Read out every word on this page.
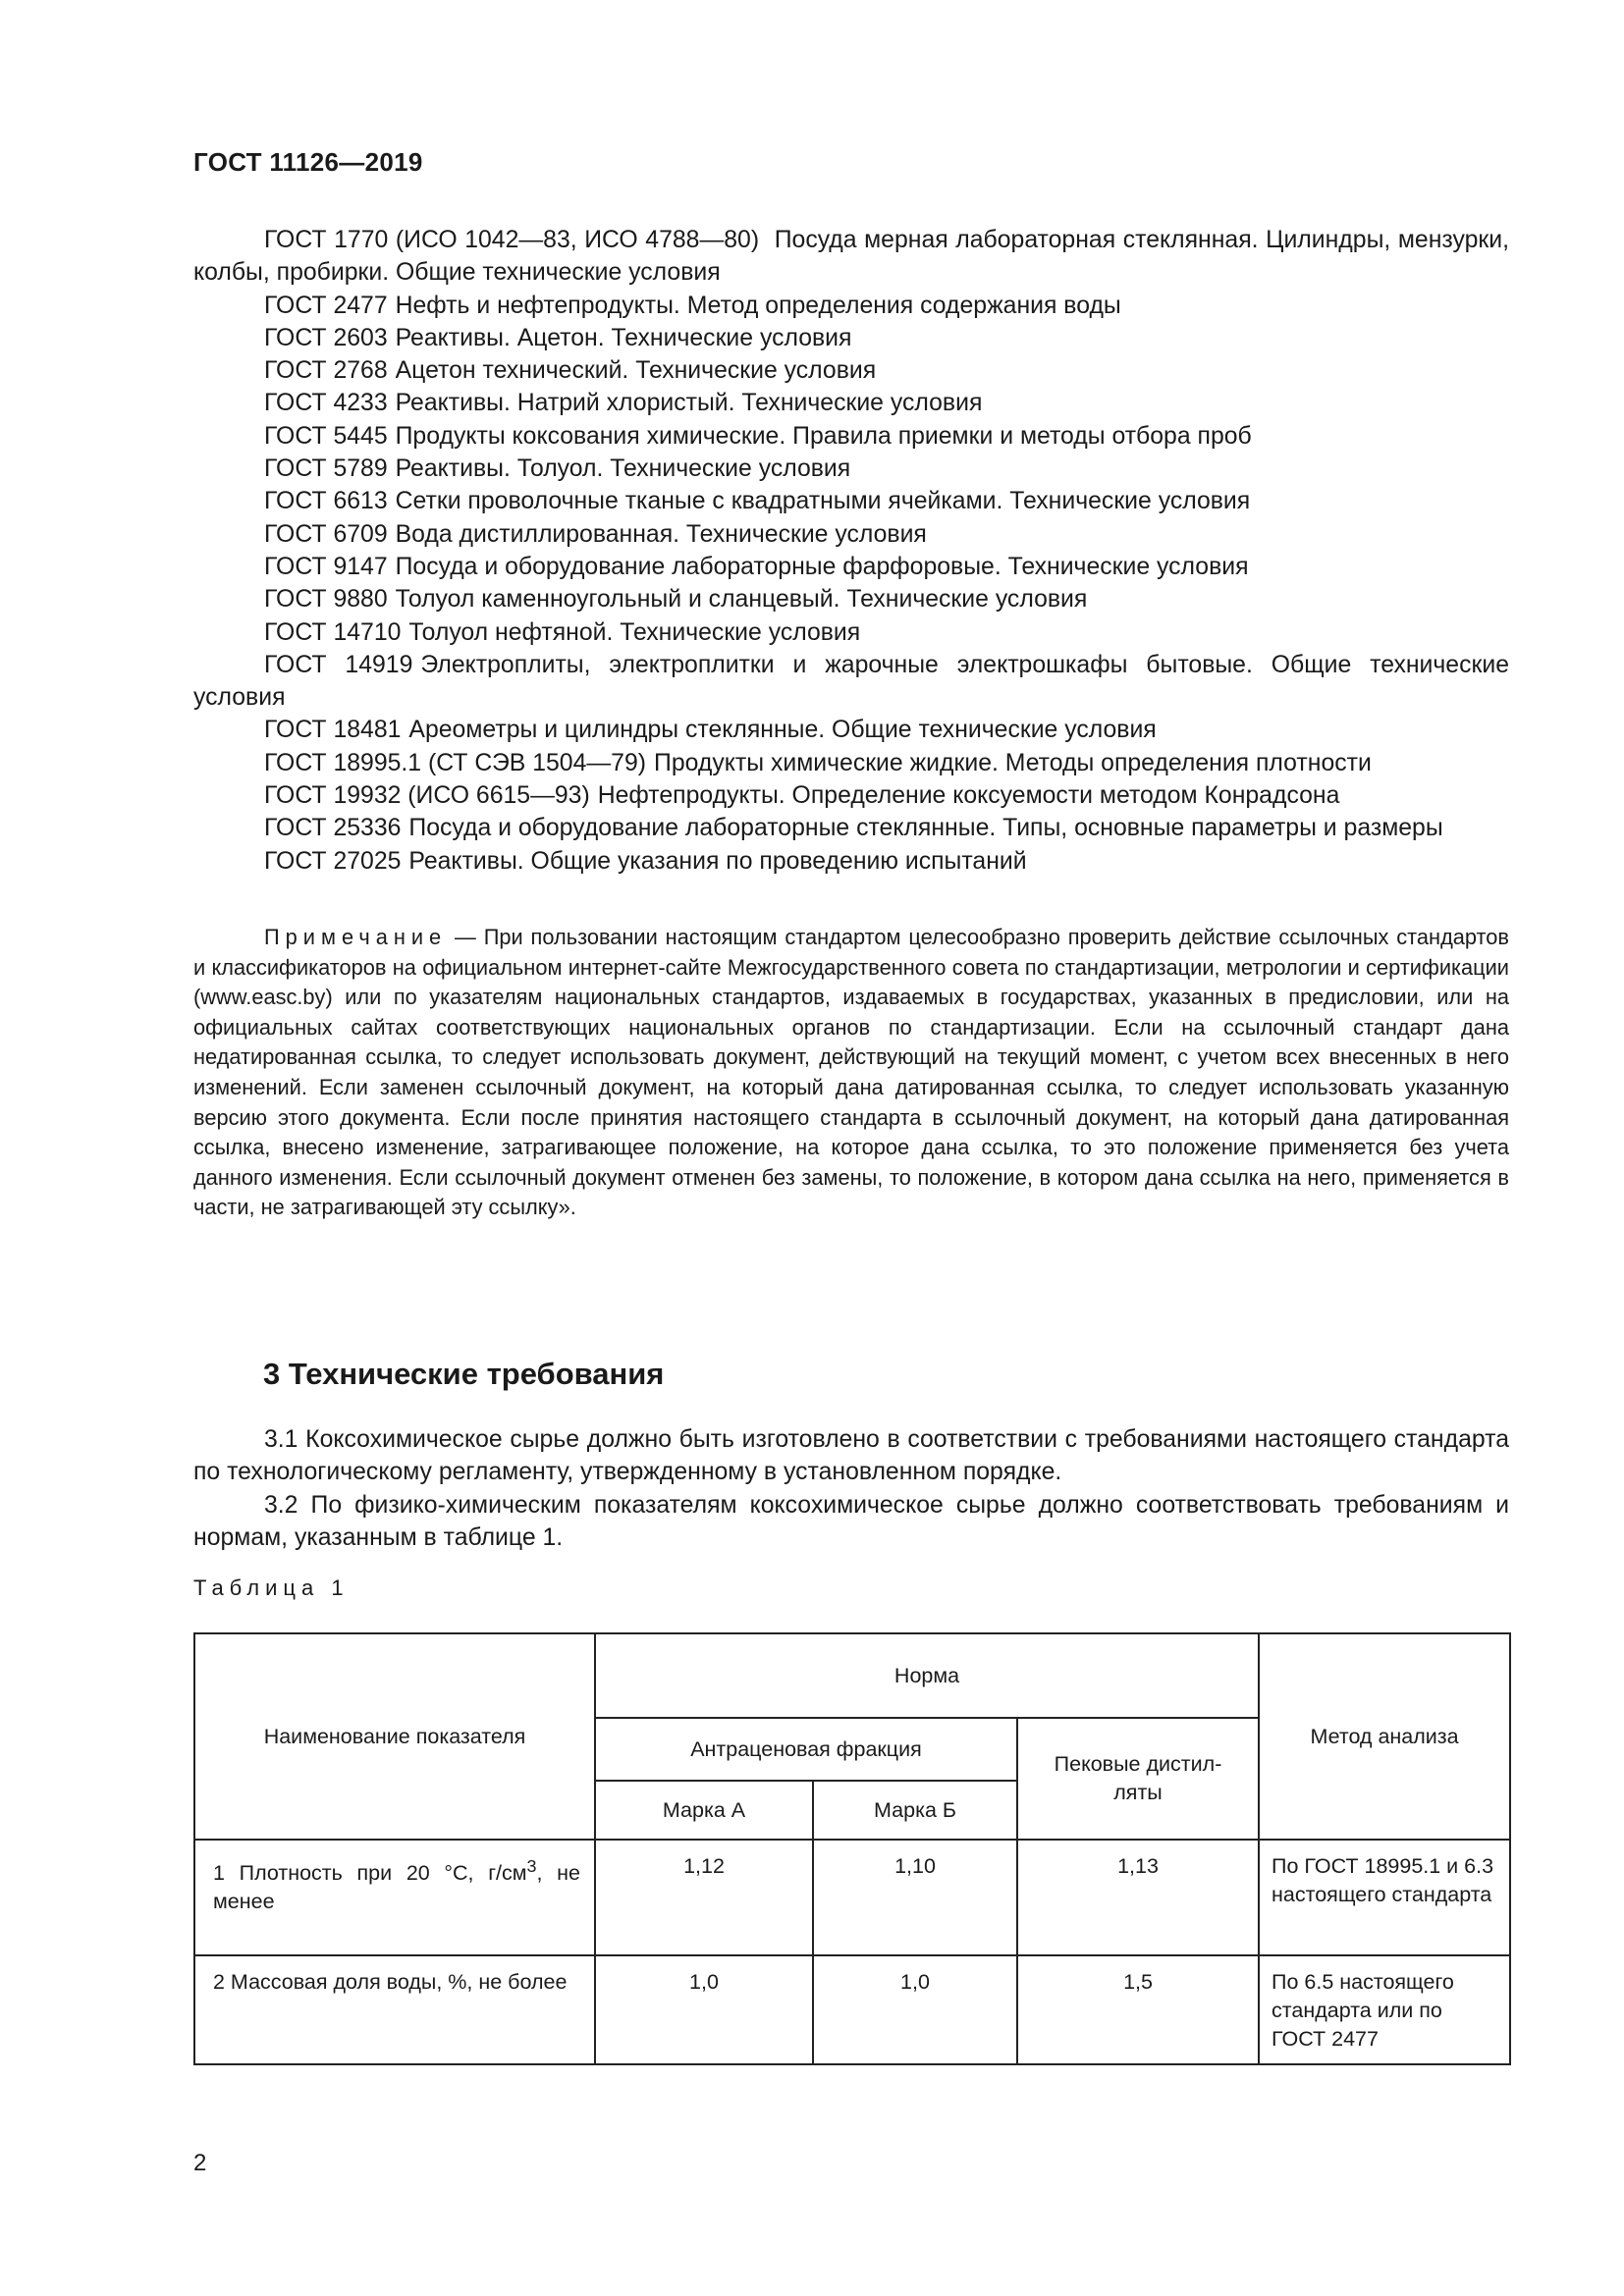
ГОСТ 11126—2019
ГОСТ 1770 (ИСО 1042—83, ИСО 4788—80) Посуда мерная лабораторная стеклянная. Цилиндры, мензурки, колбы, пробирки. Общие технические условия
ГОСТ 2477 Нефть и нефтепродукты. Метод определения содержания воды
ГОСТ 2603 Реактивы. Ацетон. Технические условия
ГОСТ 2768 Ацетон технический. Технические условия
ГОСТ 4233 Реактивы. Натрий хлористый. Технические условия
ГОСТ 5445 Продукты коксования химические. Правила приемки и методы отбора проб
ГОСТ 5789 Реактивы. Толуол. Технические условия
ГОСТ 6613 Сетки проволочные тканые с квадратными ячейками. Технические условия
ГОСТ 6709 Вода дистиллированная. Технические условия
ГОСТ 9147 Посуда и оборудование лабораторные фарфоровые. Технические условия
ГОСТ 9880 Толуол каменноугольный и сланцевый. Технические условия
ГОСТ 14710 Толуол нефтяной. Технические условия
ГОСТ 14919 Электроплиты, электроплитки и жарочные электрошкафы бытовые. Общие технические условия
ГОСТ 18481 Ареометры и цилиндры стеклянные. Общие технические условия
ГОСТ 18995.1 (СТ СЭВ 1504—79) Продукты химические жидкие. Методы определения плотности
ГОСТ 19932 (ИСО 6615—93) Нефтепродукты. Определение коксуемости методом Конрадсона
ГОСТ 25336 Посуда и оборудование лабораторные стеклянные. Типы, основные параметры и размеры
ГОСТ 27025 Реактивы. Общие указания по проведению испытаний
Примечание — При пользовании настоящим стандартом целесообразно проверить действие ссылочных стандартов и классификаторов на официальном интернет-сайте Межгосударственного совета по стандартизации, метрологии и сертификации (www.easc.by) или по указателям национальных стандартов, издаваемых в государствах, указанных в предисловии, или на официальных сайтах соответствующих национальных органов по стандартизации. Если на ссылочный стандарт дана недатированная ссылка, то следует использовать документ, действующий на текущий момент, с учетом всех внесенных в него изменений. Если заменен ссылочный документ, на который дана датированная ссылка, то следует использовать указанную версию этого документа. Если после принятия настоящего стандарта в ссылочный документ, на который дана датированная ссылка, внесено изменение, затрагивающее положение, на которое дана ссылка, то это положение применяется без учета данного изменения. Если ссылочный документ отменен без замены, то положение, в котором дана ссылка на него, применяется в части, не затрагивающей эту ссылку».
3 Технические требования
3.1 Коксохимическое сырье должно быть изготовлено в соответствии с требованиями настоящего стандарта по технологическому регламенту, утвержденному в установленном порядке.
3.2 По физико-химическим показателям коксохимическое сырье должно соответствовать требованиям и нормам, указанным в таблице 1.
Таблица 1
Наименование показателя	Норма			Метод анализа
	Антраценовая фракция		Пековые дистилляты	
	Марка А	Марка Б		
1 Плотность при 20 °С, $г/см^3$, не менее	1,12	1,10	1,13	По ГОСТ 18995.1 и 6.3 настоящего стандарта
2 Массовая доля воды, %, не более	1,0	1,0	1,5	По 6.5 настоящего стандарта или по ГОСТ 2477
2
